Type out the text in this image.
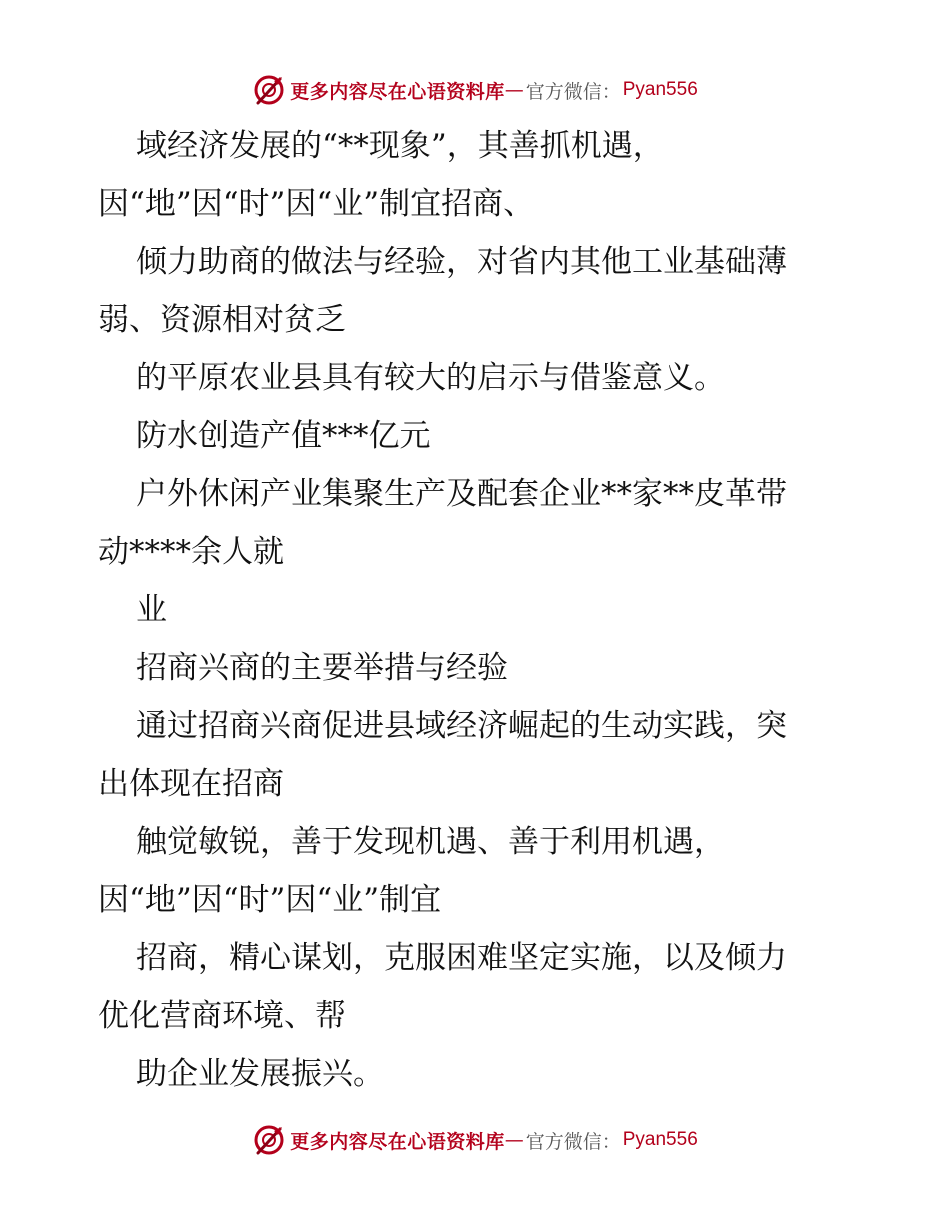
更多内容尽在心语资料库 — 官方微信： Pyan556
域经济发展的“**现象”，其善抓机遇，
因“地”因“时”因“业”制宜招商、
倾力助商的做法与经验，对省内其他工业基础薄
弱、资源相对贫乏
的平原农业县具有较大的启示与借鉴意义。
防水创造产值***亿元
户外休闲产业集聚生产及配套企业**家**皮革带
动****余人就
业
招商兴商的主要举措与经验
通过招商兴商促进县域经济崛起的生动实践，突
出体现在招商
触觉敏锐，善于发现机遇、善于利用机遇，
因“地”因“时”因“业”制宜
招商，精心谋划，克服困难坚定实施，以及倾力
优化营商环境、帮
助企业发展振兴。
更多内容尽在心语资料库 — 官方微信： Pyan556
